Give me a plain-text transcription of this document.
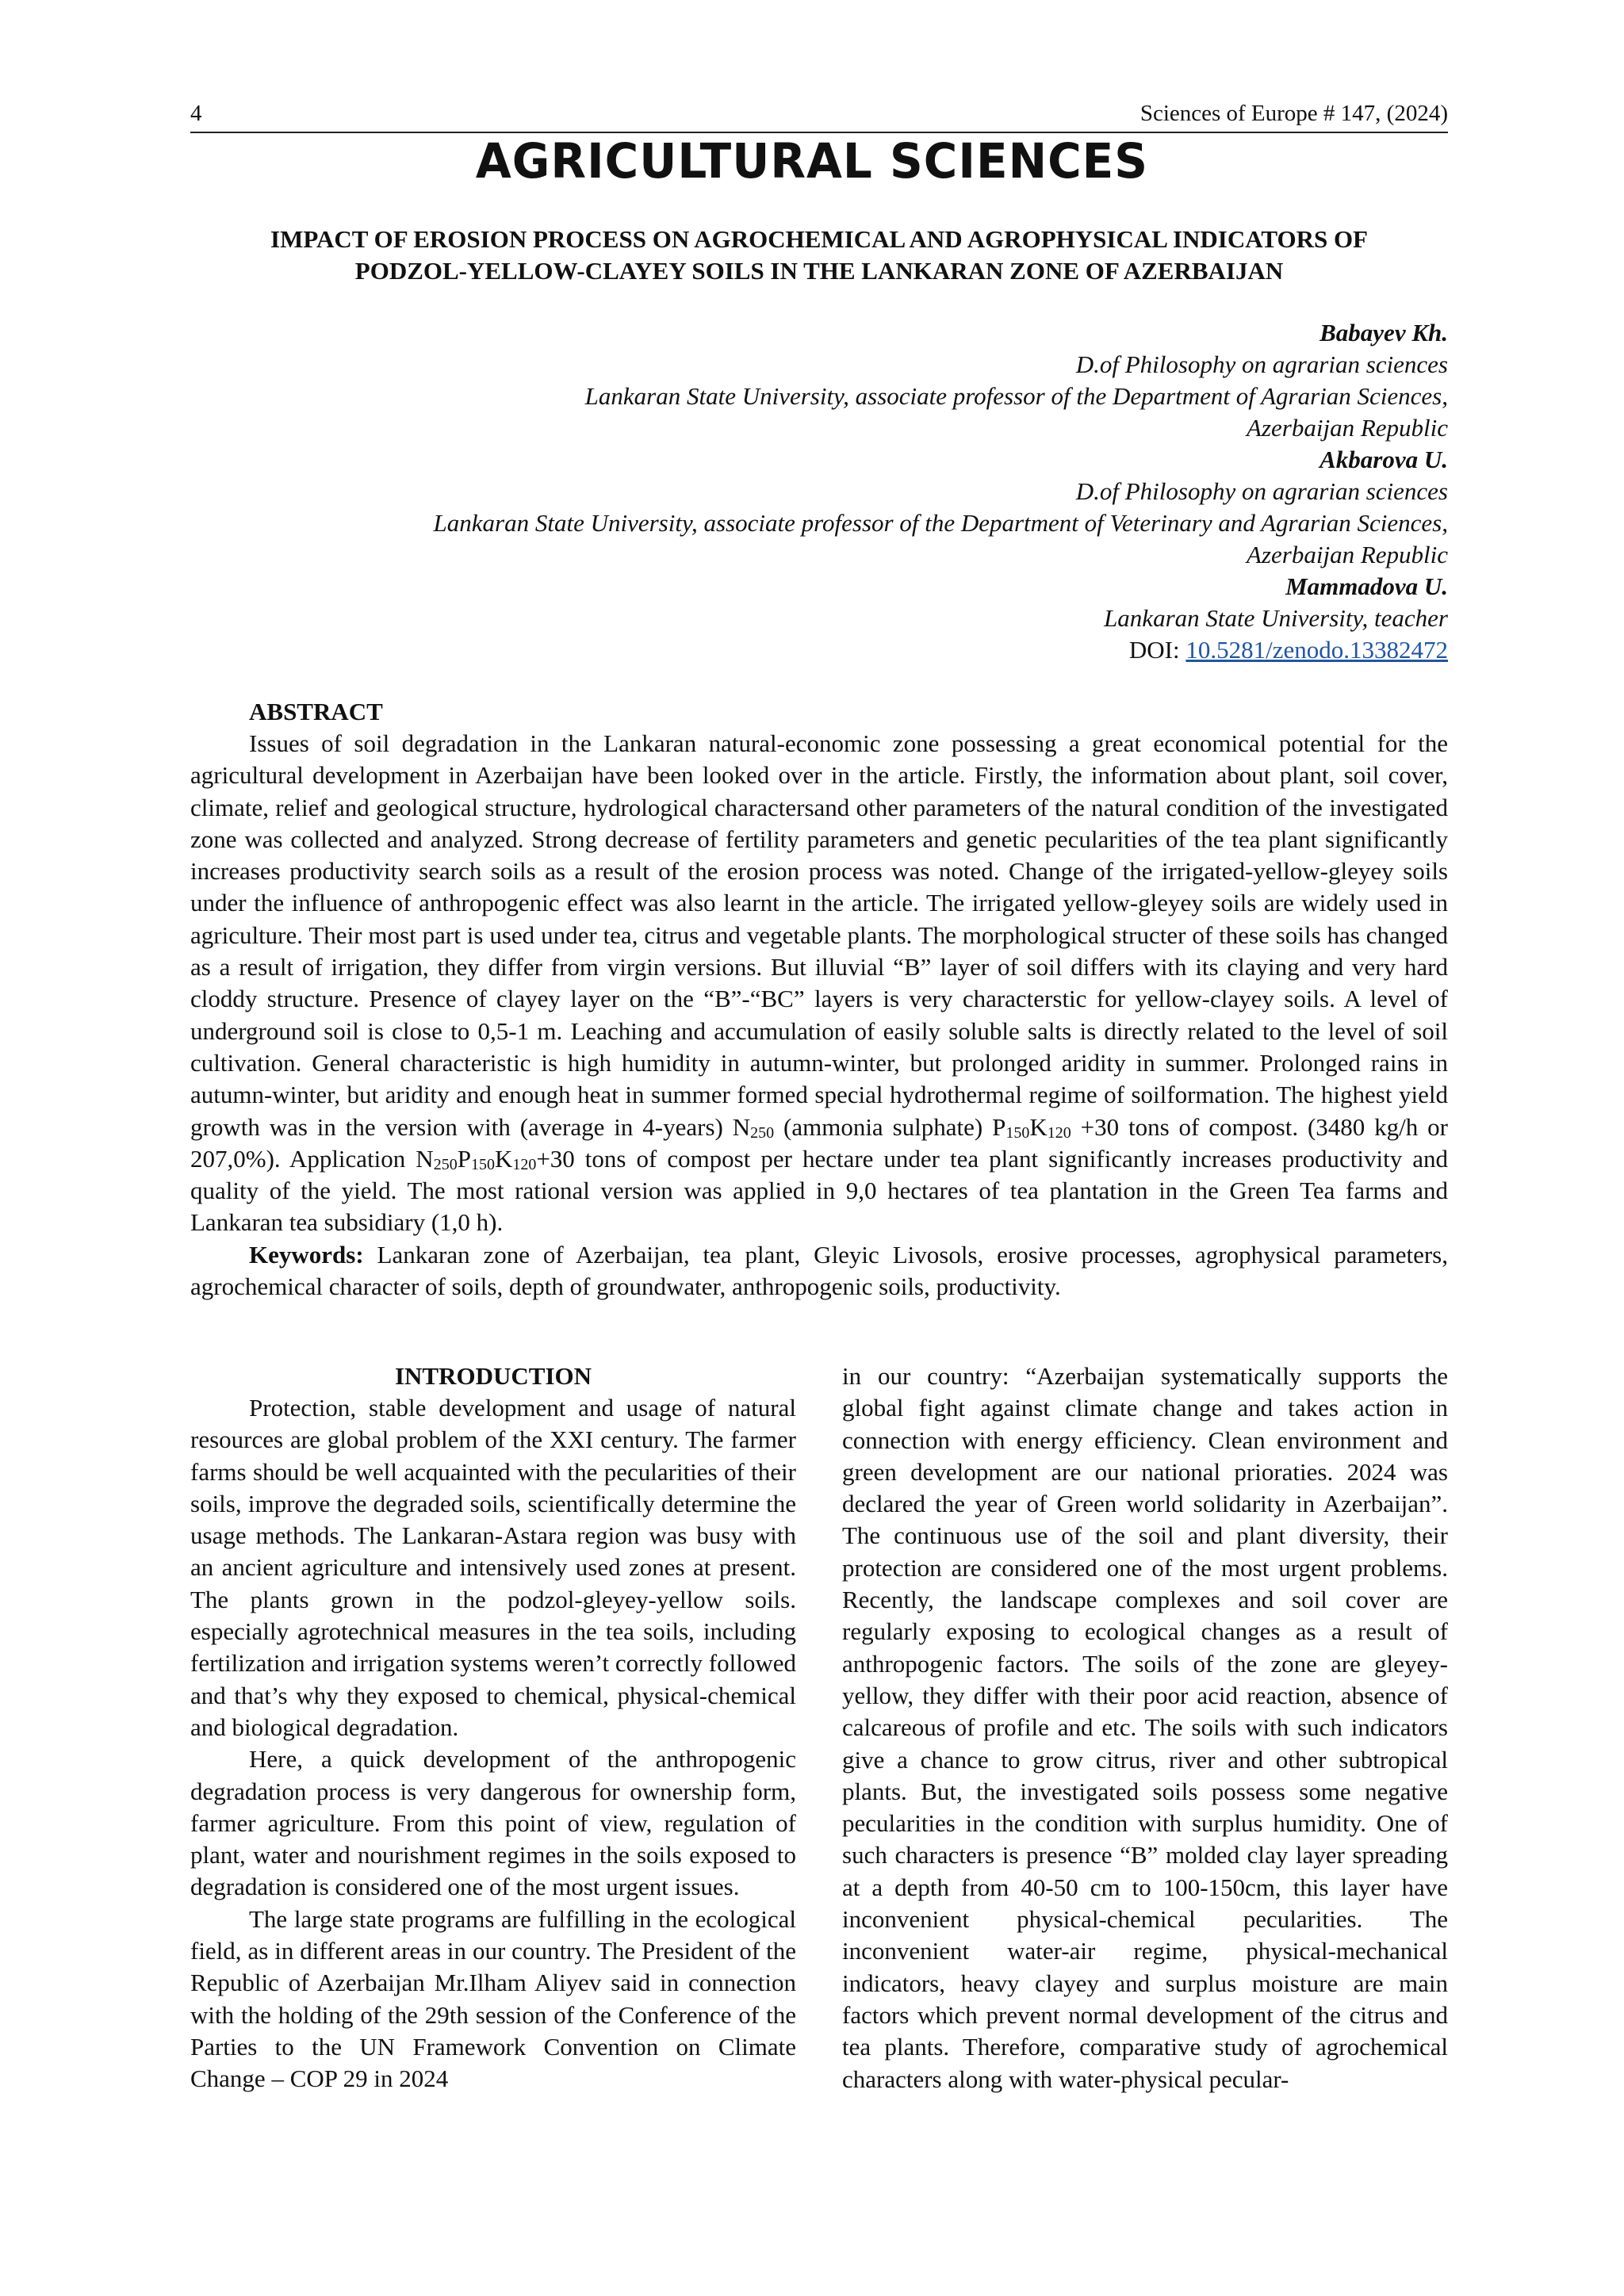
4	Sciences of Europe # 147, (2024)
AGRICULTURAL SCIENCES
IMPACT OF EROSION PROCESS ON AGROCHEMICAL AND AGROPHYSICAL INDICATORS OF
PODZOL-YELLOW-CLAYEY SOILS IN THE LANKARAN ZONE OF AZERBAIJAN
Babayev Kh.
D.of Philosophy on agrarian sciences
Lankaran State University, associate professor of the Department of Agrarian Sciences,
Azerbaijan Republic
Akbarova U.
D.of Philosophy on agrarian sciences
Lankaran State University, associate professor of the Department of Veterinary and Agrarian Sciences,
Azerbaijan Republic
Mammadova U.
Lankaran State University, teacher
DOI: 10.5281/zenodo.13382472
ABSTRACT

Issues of soil degradation in the Lankaran natural-economic zone possessing a great economical potential for the agricultural development in Azerbaijan have been looked over in the article. Firstly, the information about plant, soil cover, climate, relief and geological structure, hydrological charactersand other parameters of the natural condition of the investigated zone was collected and analyzed. Strong decrease of fertility parameters and genetic pecularities of the tea plant significantly increases productivity search soils as a result of the erosion process was noted. Change of the irrigated-yellow-gleyey soils under the influence of anthropogenic effect was also learnt in the article. The irrigated yellow-gleyey soils are widely used in agriculture. Their most part is used under tea, citrus and vegetable plants. The morphological structer of these soils has changed as a result of irrigation, they differ from virgin versions. But illuvial “B” layer of soil differs with its claying and very hard cloddy structure. Presence of clayey layer on the “B”-“BC” layers is very characterstic for yellow-clayey soils. A level of underground soil is close to 0,5-1 m. Leaching and accumulation of easily soluble salts is directly related to the level of soil cultivation. General characteristic is high humidity in autumn-winter, but prolonged aridity in summer. Prolonged rains in autumn-winter, but aridity and enough heat in summer formed special hydrothermal regime of soilformation. The highest yield growth was in the version with (average in 4-years) $N_{250}$ (ammonia sulphate) $P_{150}K_{120} +30$ tons of compost. (3480 kg/h or 207,0%). Application $N_{250}P_{150}K_{120}+30$ tons of compost per hectare under tea plant significantly increases productivity and quality of the yield. The most rational version was applied in 9,0 hectares of tea plantation in the Green Tea farms and Lankaran tea subsidiary (1,0 h).

Keywords: Lankaran zone of Azerbaijan, tea plant, Gleyic Livosols, erosive processes, agrophysical parameters, agrochemical character of soils, depth of groundwater, anthropogenic soils, productivity.

INTRODUCTION

Protection, stable development and usage of natural resources are global problem of the XXI century. The farmer farms should be well acquainted with the pecularities of their soils, improve the degraded soils, scientifically determine the usage methods. The Lankaran-Astara region was busy with an ancient agriculture and intensively used zones at present. The plants grown in the podzol-gleyey-yellow soils. especially agrotechnical measures in the tea soils, including fertilization and irrigation systems weren’t correctly followed and that’s why they exposed to chemical, physical-chemical and biological degradation.

Here, a quick development of the anthropogenic degradation process is very dangerous for ownership form, farmer agriculture. From this point of view, regulation of plant, water and nourishment regimes in the soils exposed to degradation is considered one of the most urgent issues.

The large state programs are fulfilling in the ecological field, as in different areas in our country. The President of the Republic of Azerbaijan Mr.Ilham Aliyev said in connection with the holding of the 29th session of the Conference of the Parties to the UN Framework Convention on Climate Change – COP 29 in 2024

in our country: “Azerbaijan systematically supports the global fight against climate change and takes action in connection with energy efficiency. Clean environment and green development are our national prioraties. 2024 was declared the year of Green world solidarity in Azerbaijan”. The continuous use of the soil and plant diversity, their protection are considered one of the most urgent problems. Recently, the landscape complexes and soil cover are regularly exposing to ecological changes as a result of anthropogenic factors. The soils of the zone are gleyey-yellow, they differ with their poor acid reaction, absence of calcareous of profile and etc. The soils with such indicators give a chance to grow citrus, river and other subtropical plants. But, the investigated soils possess some negative pecularities in the condition with surplus humidity. One of such characters is presence “B” molded clay layer spreading at a depth from 40-50 cm to 100-150cm, this layer have inconvenient physical-chemical pecularities. The inconvenient water-air regime, physical-mechanical indicators, heavy clayey and surplus moisture are main factors which prevent normal development of the citrus and tea plants. Therefore, comparative study of agrochemical characters along with water-physical pecular-
